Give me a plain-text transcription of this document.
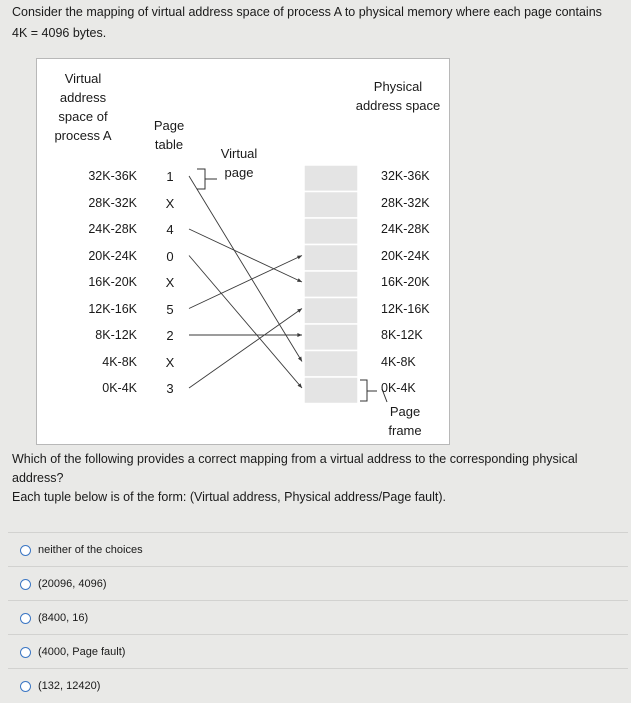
Consider the mapping of virtual address space of process A to physical memory where each page contains 4K = 4096 bytes.
Virtual address space of process A
Page table
Physical address space
Virtual page
Page frame
32K-36K	1	32K-36K
28K-32K	X	28K-32K
24K-28K	4	24K-28K
20K-24K	0	20K-24K
16K-20K	X	16K-20K
12K-16K	5	12K-16K
8K-12K	2	8K-12K
4K-8K	X	4K-8K
0K-4K	3	0K-4K
Which of the following provides a correct mapping from a virtual address to the corresponding physical address?
Each tuple below is of the form: (Virtual address, Physical address/Page fault).
neither of the choices
(20096, 4096)
(8400, 16)
(4000, Page fault)
(132, 12420)
